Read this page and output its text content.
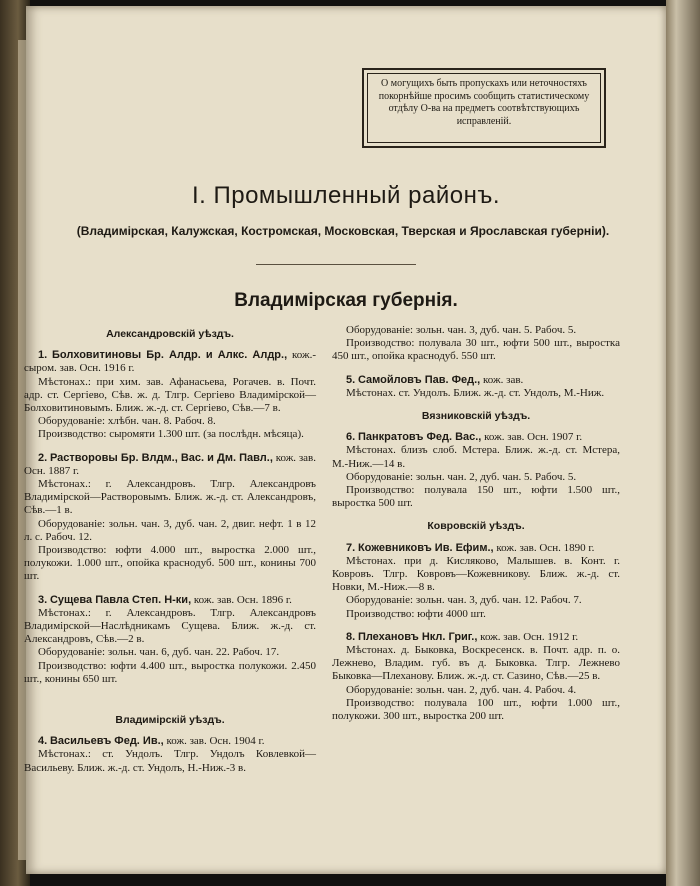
О могущихъ быть пропускахъ или неточностяхъ покорнѣйше просимъ сообщить статистическому отдѣлу О-ва на предметъ соотвѣтствующихъ исправленій.
I. Промышленный районъ.
(Владимірская, Калужская, Костромская, Московская, Тверская и Ярославская губерніи).
Владимірская губернія.
Александровскій уѣздъ.
1. Болховитиновы Бр. Алдр. и Алкс. Алдр., кож.-сыром. зав. Осн. 1916 г.
Мѣстонах.: при хим. зав. Афанасьева, Рогачев. в. Почт. адр. ст. Сергіево, Сѣв. ж. д. Тлгр. Сергіево Владимірской—Болховитиновымъ. Ближ. ж.-д. ст. Сергіево, Сѣв.—7 в.
Оборудованіе: хлѣбн. чан. 8. Рабоч. 8.
Производство: сыромяти 1.300 шт. (за послѣдн. мѣсяца).
2. Растворовы Бр. Влдм., Вас. и Дм. Павл., кож. зав. Осн. 1887 г.
Мѣстонах.: г. Александровъ. Тлгр. Александровъ Владимірской—Растворовымъ. Ближ. ж.-д. ст. Александровъ, Сѣв.—1 в.
Оборудованіе: зольн. чан. 3, дуб. чан. 2, двиг. нефт. 1 в 12 л. с. Рабоч. 12.
Производство: юфти 4.000 шт., выростка 2.000 шт., полукожи. 1.000 шт., опойка краснодуб. 500 шт., конины 700 шт.
3. Сущева Павла Степ. Н-ки, кож. зав. Осн. 1896 г.
Мѣстонах.: г. Александровъ. Тлгр. Александровъ Владимірской—Наслѣдникамъ Сущева. Ближ. ж.-д. ст. Александровъ, Сѣв.—2 в.
Оборудованіе: зольн. чан. 6, дуб. чан. 22. Рабоч. 17.
Производство: юфти 4.400 шт., выростка полукожи. 2.450 шт., конины 650 шт.
Владимірскій уѣздъ.
4. Васильевъ Фед. Ив., кож. зав. Осн. 1904 г.
Мѣстонах.: ст. Ундолъ. Тлгр. Ундолъ Ковлевкой—Васильеву. Ближ. ж.-д. ст. Ундолъ, Н.-Ниж.-3 в.
Оборудованіе: зольн. чан. 3, дуб. чан. 5. Рабоч. 5.
Производство: полувала 30 шт., юфти 500 шт., выростка 450 шт., опойка краснодуб. 550 шт.
5. Самойловъ Пав. Фед., кож. зав.
Мѣстонах. ст. Ундолъ. Ближ. ж.-д. ст. Ундолъ, М.-Ниж.
Вязниковскій уѣздъ.
6. Панкратовъ Фед. Вас., кож. зав. Осн. 1907 г.
Мѣстонах. близъ слоб. Мстера. Ближ. ж.-д. ст. Мстера, М.-Ниж.—14 в.
Оборудованіе: зольн. чан. 2, дуб. чан. 5. Рабоч. 5.
Производство: полувала 150 шт., юфти 1.500 шт., выростка 500 шт.
Ковровскій уѣздъ.
7. Кожевниковъ Ив. Ефим., кож. зав. Осн. 1890 г.
Мѣстонах. при д. Кисляково, Малышев. в. Конт. г. Ковровъ. Тлгр. Ковровъ—Кожевникову. Ближ. ж.-д. ст. Новки, М.-Ниж.—8 в.
Оборудованіе: зольн. чан. 3, дуб. чан. 12. Рабоч. 7.
Производство: юфти 4000 шт.
8. Плехановъ Нкл. Григ., кож. зав. Осн. 1912 г.
Мѣстонах. д. Быковка, Воскресенск. в. Почт. адр. п. о. Лежнево, Владим. губ. въ д. Быковка. Тлгр. Лежнево Быковка—Плеханову. Ближ. ж.-д. ст. Сазино, Сѣв.—25 в.
Оборудованіе: зольн. чан. 2, дуб. чан. 4. Рабоч. 4.
Производство: полувала 100 шт., юфти 1.000 шт., полукожи. 300 шт., выростка 200 шт.
